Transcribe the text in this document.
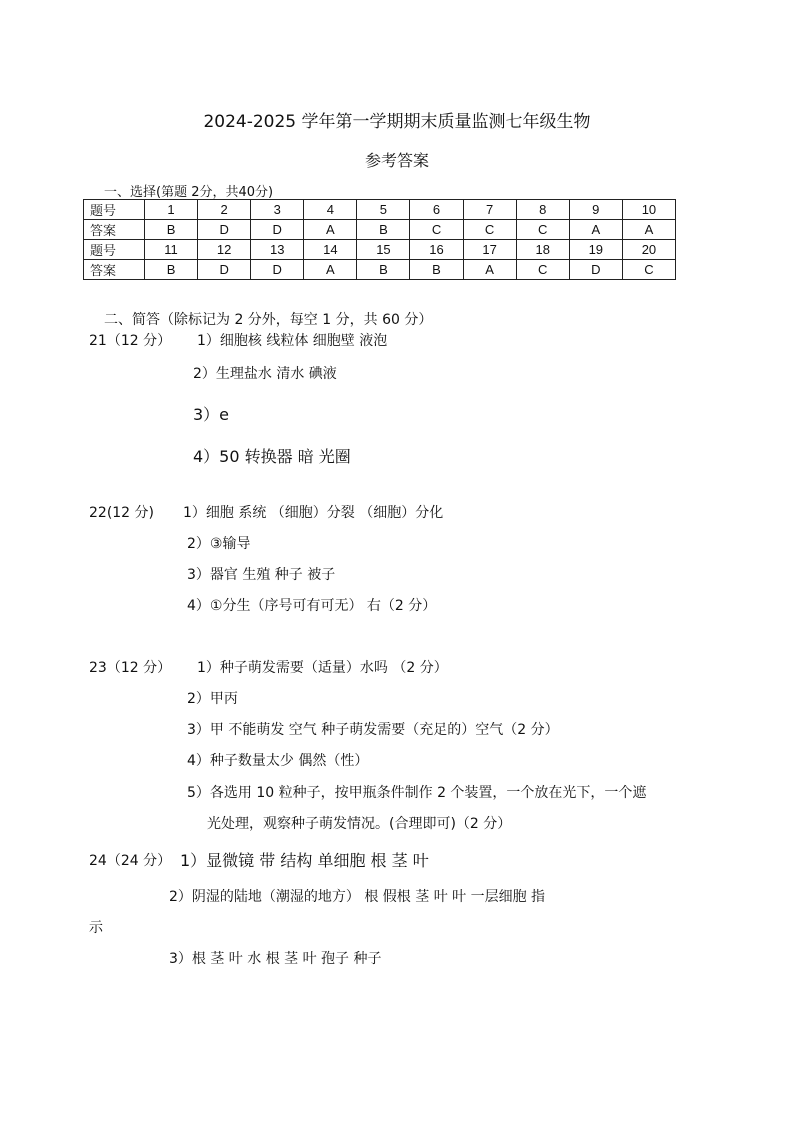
2024-2025 学年第一学期期末质量监测七年级生物
参考答案
一、选择(第题 2分，共40分)
题号	1	2	3	4	5	6	7	8	9	10
答案	B	D	D	A	B	C	C	C	A	A
题号	11	12	13	14	15	16	17	18	19	20
答案	B	D	D	A	B	B	A	C	D	C
二、简答（除标记为 2 分外，每空 1 分，共 60 分）
21（12 分） 1）细胞核 线粒体 细胞壁 液泡
2）生理盐水 清水 碘液
3）e
4）50 转换器 暗 光圈
22(12 分) 1）细胞 系统 （细胞）分裂 （细胞）分化
2）③输导
3）器官 生殖 种子 被子
4）①分生（序号可有可无） 右（2 分）
23（12 分） 1）种子萌发需要（适量）水吗 （2 分）
2）甲丙
3）甲 不能萌发 空气 种子萌发需要（充足的）空气（2 分）
4）种子数量太少 偶然（性）
5）各选用 10 粒种子，按甲瓶条件制作 2 个装置，一个放在光下，一个遮
光处理，观察种子萌发情况。(合理即可)（2 分）
24（24 分） 1）显微镜 带 结构 单细胞 根 茎 叶
2）阴湿的陆地（潮湿的地方） 根 假根 茎 叶 叶 一层细胞 指
示
3）根 茎 叶 水 根 茎 叶 孢子 种子
